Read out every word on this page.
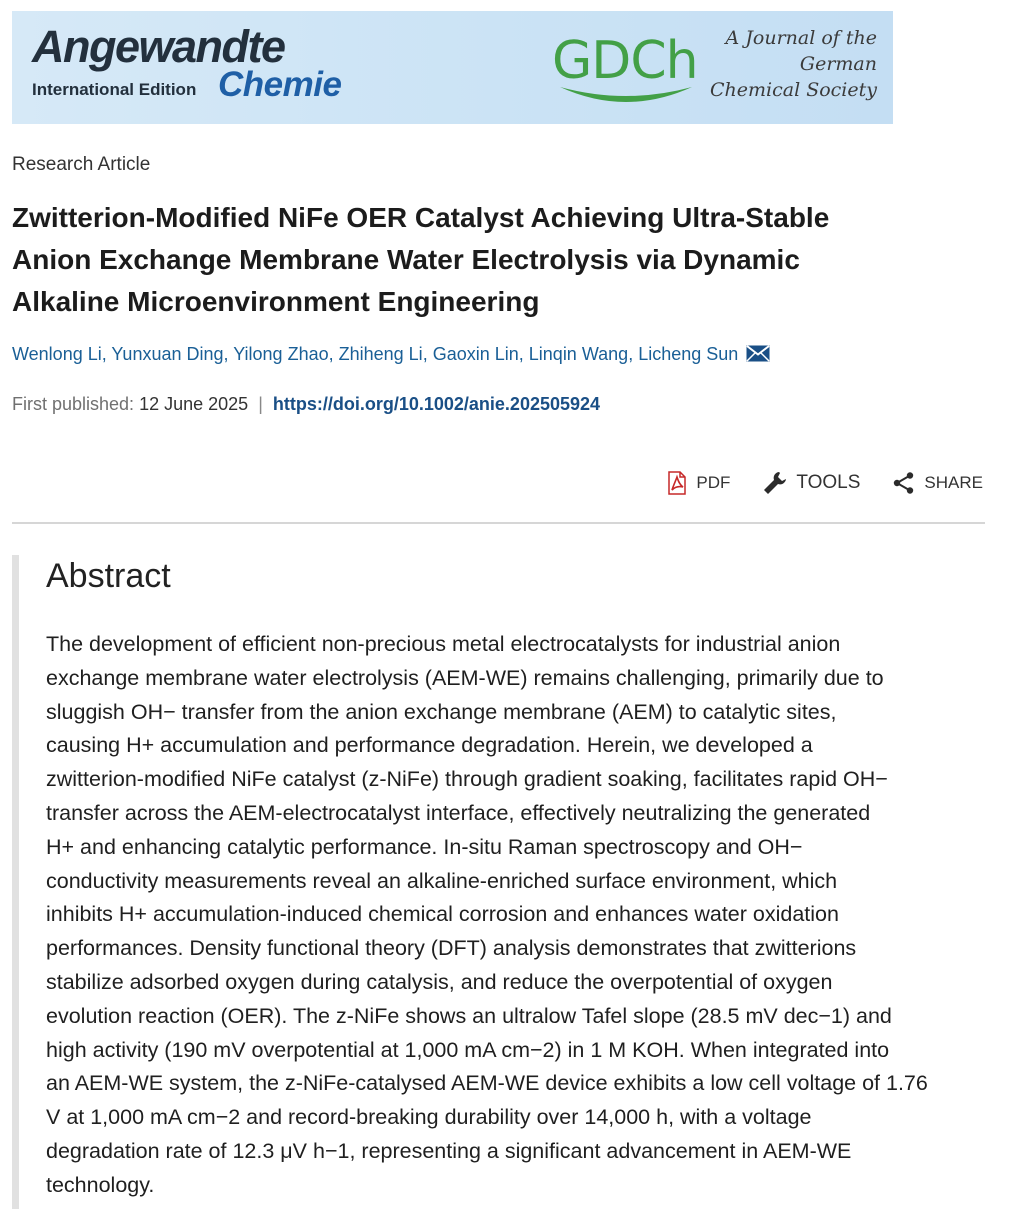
Angewandte
International Edition Chemie	GDCh	A Journal of the
German
Chemical Society
Research Article
Zwitterion-Modified NiFe OER Catalyst Achieving Ultra-Stable
Anion Exchange Membrane Water Electrolysis via Dynamic
Alkaline Microenvironment Engineering
Wenlong Li, Yunxuan Ding, Yilong Zhao, Zhiheng Li, Gaoxin Lin, Linqin Wang, Licheng Sun
First published: 12 June 2025 | https://doi.org/10.1002/anie.202505924
PDF	TOOLS	SHARE
Abstract

The development of efficient non-precious metal electrocatalysts for industrial anion
exchange membrane water electrolysis (AEM-WE) remains challenging, primarily due to
sluggish OH− transfer from the anion exchange membrane (AEM) to catalytic sites,
causing H+ accumulation and performance degradation. Herein, we developed a
zwitterion-modified NiFe catalyst (z-NiFe) through gradient soaking, facilitates rapid OH−
transfer across the AEM-electrocatalyst interface, effectively neutralizing the generated
H+ and enhancing catalytic performance. In-situ Raman spectroscopy and OH−
conductivity measurements reveal an alkaline-enriched surface environment, which
inhibits H+ accumulation-induced chemical corrosion and enhances water oxidation
performances. Density functional theory (DFT) analysis demonstrates that zwitterions
stabilize adsorbed oxygen during catalysis, and reduce the overpotential of oxygen
evolution reaction (OER). The z-NiFe shows an ultralow Tafel slope (28.5 mV dec−1) and
high activity (190 mV overpotential at 1,000 mA cm−2) in 1 M KOH. When integrated into
an AEM-WE system, the z-NiFe-catalysed AEM-WE device exhibits a low cell voltage of 1.76
V at 1,000 mA cm−2 and record-breaking durability over 14,000 h, with a voltage
degradation rate of 12.3 μV h−1, representing a significant advancement in AEM-WE
technology.
